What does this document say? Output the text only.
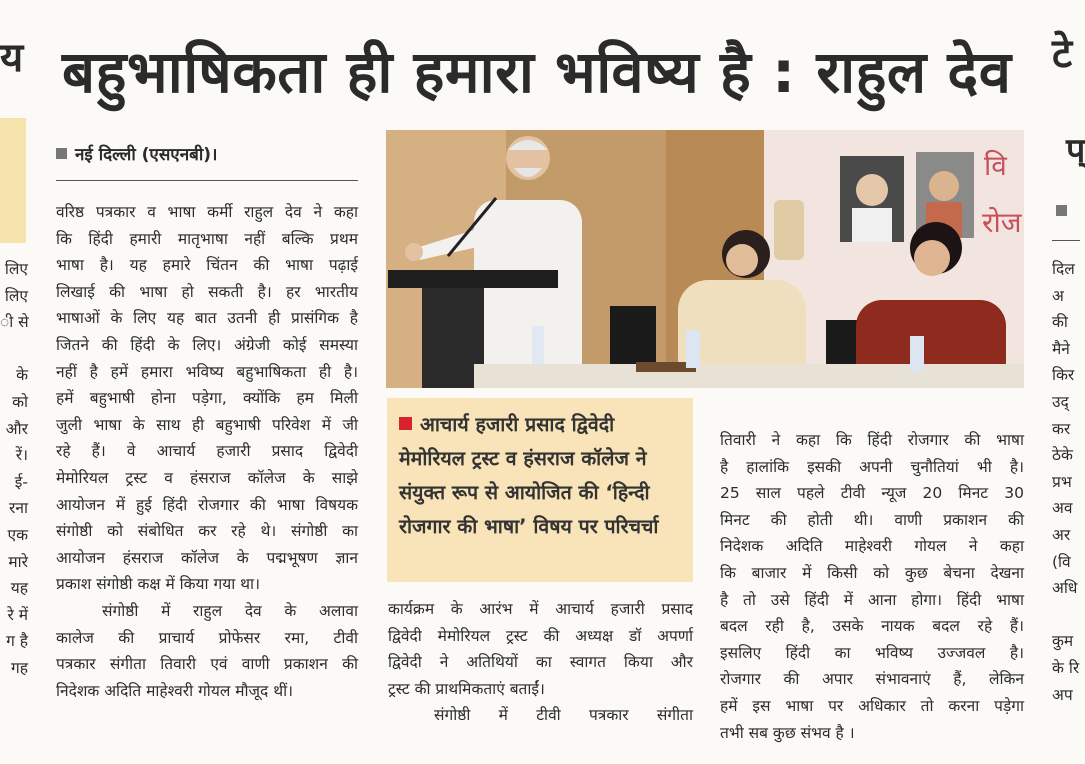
बहुभाषिकता ही हमारा भविष्य है : राहुल देव
य	टे
प्
लिए
लिए
ी से
के
को
और
रें।
ई-
रना
एक
मारे
यह
रे में
ग है
गह
दिल
अ
की
मैने
किर
उद्
कर
ठेके
प्रभ
अव
अर
(वि
अधि
कुम
के रि
अप
नई दिल्ली (एसएनबी)।
वरिष्ठ पत्रकार व भाषा कर्मी राहुल देव ने कहा
कि हिंदी हमारी मातृभाषा नहीं बल्कि प्रथम
भाषा है। यह हमारे चिंतन की भाषा पढ़ाई
लिखाई की भाषा हो सकती है। हर भारतीय
भाषाओं के लिए यह बात उतनी ही प्रासंगिक है
जितने की हिंदी के लिए। अंग्रेजी कोई समस्या
नहीं है हमें हमारा भविष्य बहुभाषिकता ही है।
हमें बहुभाषी होना पड़ेगा, क्योंकि हम मिली
जुली भाषा के साथ ही बहुभाषी परिवेश में जी
रहे हैं। वे आचार्य हजारी प्रसाद द्विवेदी
मेमोरियल ट्रस्ट व हंसराज कॉलेज के साझे
आयोजन में हुई हिंदी रोजगार की भाषा विषयक
संगोष्ठी को संबोधित कर रहे थे। संगोष्ठी का
आयोजन हंसराज कॉलेज के पद्मभूषण ज्ञान
प्रकाश संगोष्ठी कक्ष में किया गया था।
संगोष्ठी में राहुल देव के अलावा
कालेज की प्राचार्य प्रोफेसर रमा, टीवी
पत्रकार संगीता तिवारी एवं वाणी प्रकाशन की
निदेशक अदिति माहेश्वरी गोयल मौजूद थीं।
वि
रोज
आचार्य हजारी प्रसाद द्विवेदी मेमोरियल ट्रस्ट व हंसराज कॉलेज ने संयुक्त रूप से आयोजित की ‘हिन्दी रोजगार की भाषा’ विषय पर परिचर्चा
कार्यक्रम के आरंभ में आचार्य हजारी प्रसाद
द्विवेदी मेमोरियल ट्रस्ट की अध्यक्ष डॉ अपर्णा
द्विवेदी ने अतिथियों का स्वागत किया और
ट्रस्ट की प्राथमिकताएं बताईं।
संगोष्ठी में टीवी पत्रकार संगीता
तिवारी ने कहा कि हिंदी रोजगार की भाषा
है हालांकि इसकी अपनी चुनौतियां भी है।
25 साल पहले टीवी न्यूज 20 मिनट 30
मिनट की होती थी। वाणी प्रकाशन की
निदेशक अदिति माहेश्वरी गोयल ने कहा
कि बाजार में किसी को कुछ बेचना देखना
है तो उसे हिंदी में आना होगा। हिंदी भाषा
बदल रही है, उसके नायक बदल रहे हैं।
इसलिए हिंदी का भविष्य उज्जवल है।
रोजगार की अपार संभावनाएं हैं, लेकिन
हमें इस भाषा पर अधिकार तो करना पड़ेगा
तभी सब कुछ संभव है ।
